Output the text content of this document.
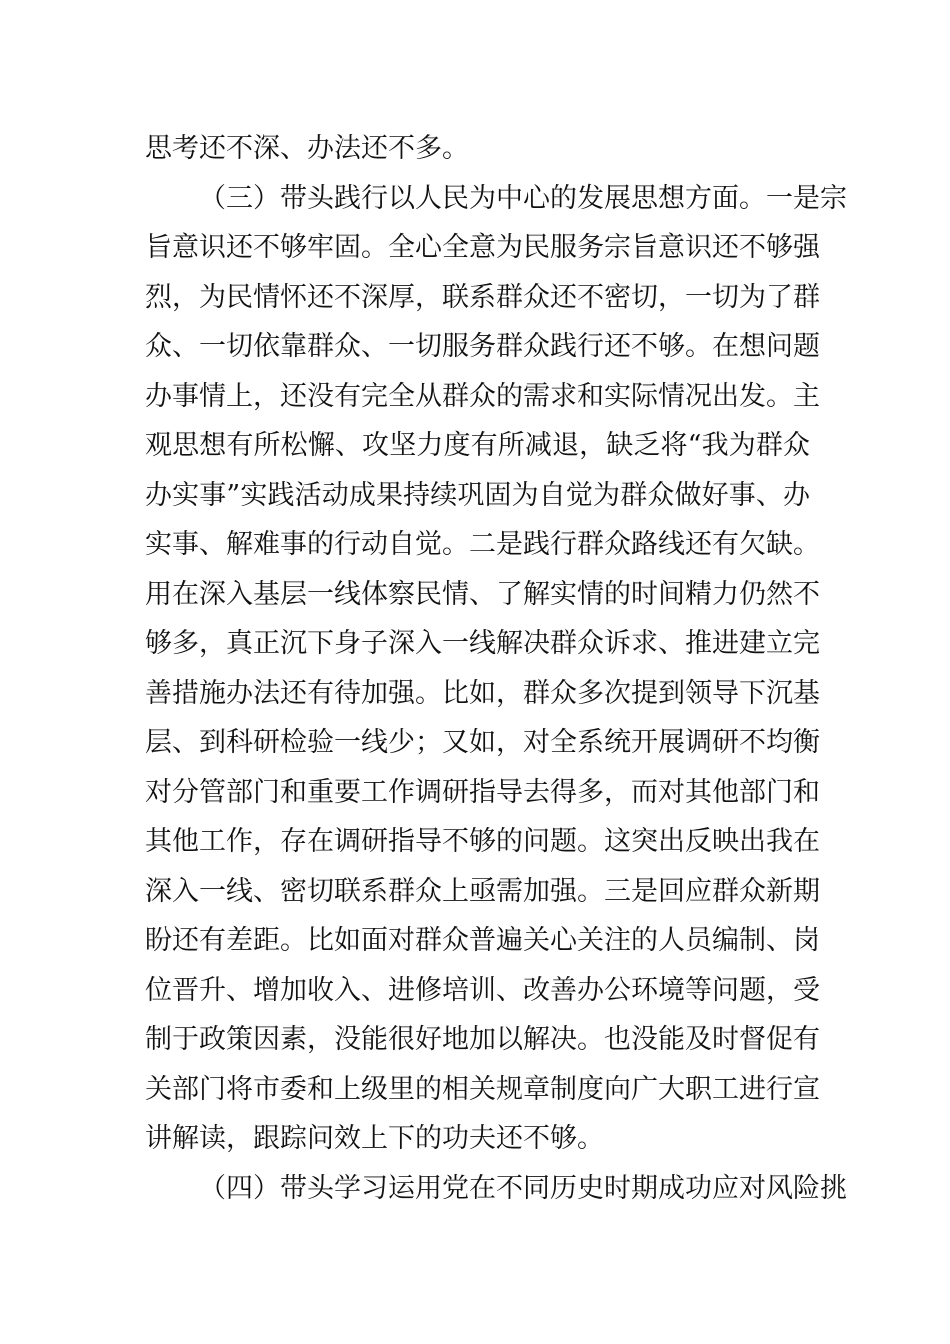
思考还不深、办法还不多。
（三）带头践行以人民为中心的发展思想方面。一是宗
旨意识还不够牢固。全心全意为民服务宗旨意识还不够强
烈，为民情怀还不深厚，联系群众还不密切，一切为了群
众、一切依靠群众、一切服务群众践行还不够。在想问题
办事情上，还没有完全从群众的需求和实际情况出发。主
观思想有所松懈、攻坚力度有所减退，缺乏将“我为群众
办实事”实践活动成果持续巩固为自觉为群众做好事、办
实事、解难事的行动自觉。二是践行群众路线还有欠缺。
用在深入基层一线体察民情、了解实情的时间精力仍然不
够多，真正沉下身子深入一线解决群众诉求、推进建立完
善措施办法还有待加强。比如，群众多次提到领导下沉基
层、到科研检验一线少；又如，对全系统开展调研不均衡
对分管部门和重要工作调研指导去得多，而对其他部门和
其他工作，存在调研指导不够的问题。这突出反映出我在
深入一线、密切联系群众上亟需加强。三是回应群众新期
盼还有差距。比如面对群众普遍关心关注的人员编制、岗
位晋升、增加收入、进修培训、改善办公环境等问题，受
制于政策因素，没能很好地加以解决。也没能及时督促有
关部门将市委和上级里的相关规章制度向广大职工进行宣
讲解读，跟踪问效上下的功夫还不够。
（四）带头学习运用党在不同历史时期成功应对风险挑
